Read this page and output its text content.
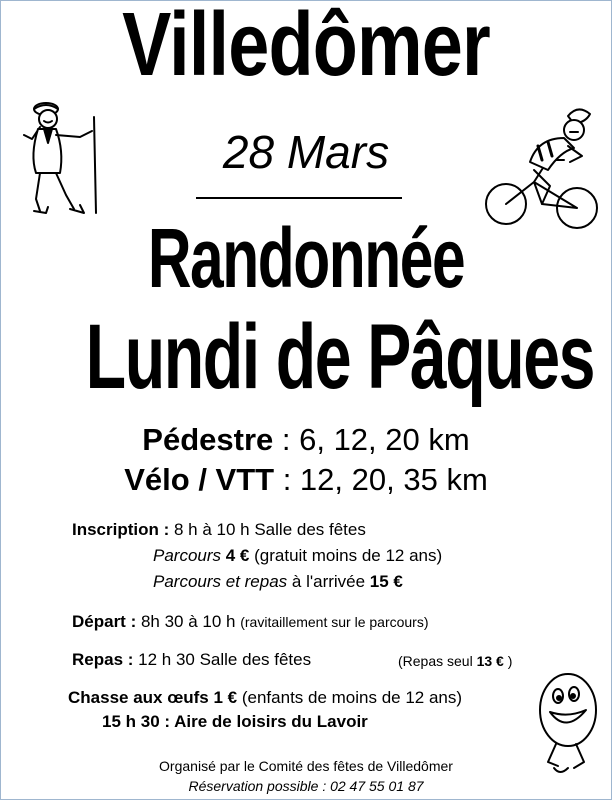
Villedômer
28 Mars
Randonnée
Lundi de Pâques
Pédestre : 6, 12, 20 km
Vélo / VTT : 12, 20, 35 km
Inscription : 8 h à 10 h Salle des fêtes
Parcours 4 € (gratuit moins de 12 ans)
Parcours et repas à l'arrivée 15 €
Départ : 8h 30 à 10 h (ravitaillement sur le parcours)
Repas : 12 h 30 Salle des fêtes	(Repas seul 13 € )
Chasse aux œufs 1 € (enfants de moins de 12 ans)
15 h 30 : Aire de loisirs du Lavoir
Organisé par le Comité des fêtes de Villedômer
Réservation possible : 02 47 55 01 87
